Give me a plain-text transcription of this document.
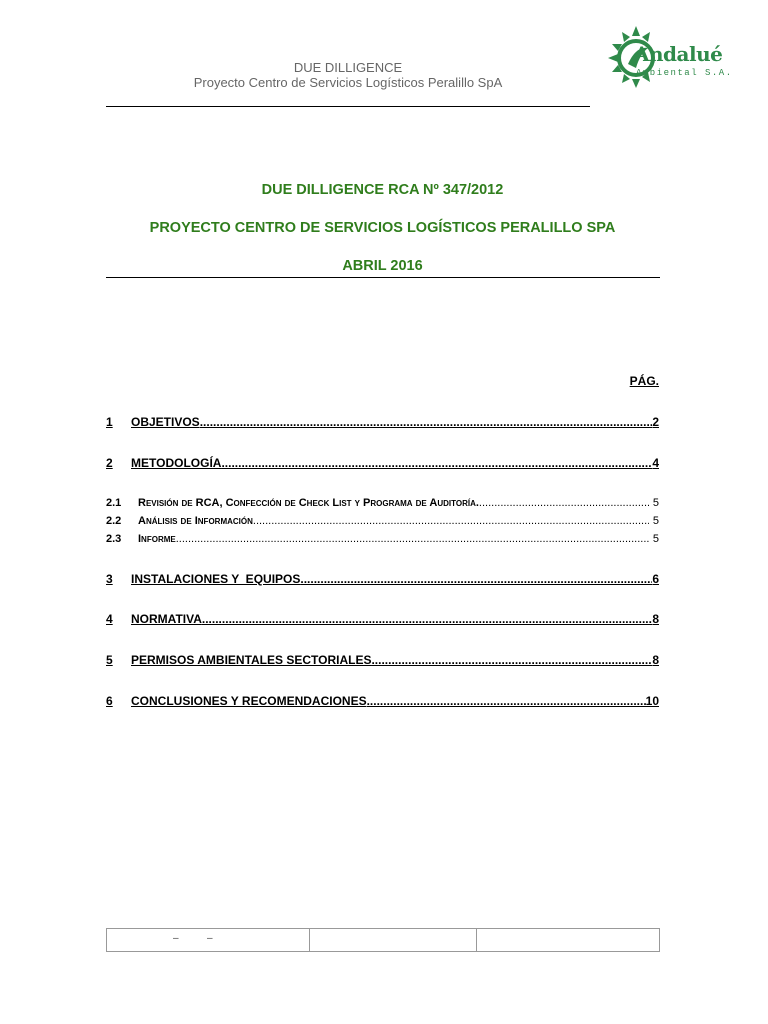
DUE DILLIGENCE
Proyecto Centro de Servicios Logísticos Peralillo SpA
Andalué
Ambiental S.A.
DUE DILLIGENCE RCA Nº 347/2012
PROYECTO CENTRO DE SERVICIOS LOGÍSTICOS PERALILLO SPA
ABRIL 2016
PÁG.
1 OBJETIVOS .....	2
2 METODOLOGÍA .....	4
2.1 Revisión de RCA, Confección de Check List y Programa de Auditoría. .....	5
2.2 Análisis de Información .....	5
2.3 Informe .....	5
3 INSTALACIONES Y  EQUIPOS .....	6
4 NORMATIVA .....	8
5 PERMISOS AMBIENTALES SECTORIALES .....	8
6 CONCLUSIONES Y RECOMENDACIONES .....	10
–	–
